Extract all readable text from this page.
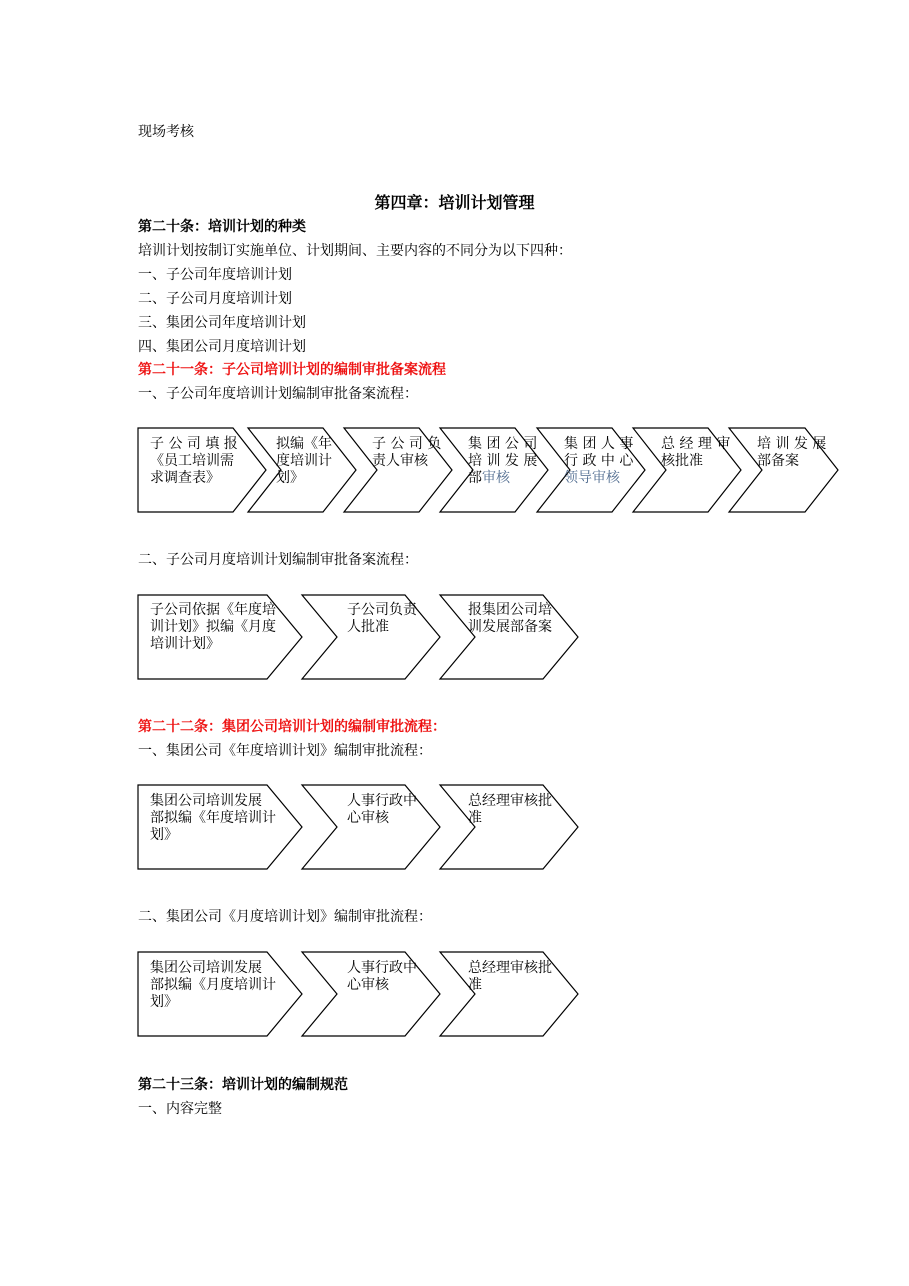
现场考核
第四章：培训计划管理
第二十条：培训计划的种类
培训计划按制订实施单位、计划期间、主要内容的不同分为以下四种：
一、子公司年度培训计划
二、子公司月度培训计划
三、集团公司年度培训计划
四、集团公司月度培训计划
第二十一条：子公司培训计划的编制审批备案流程
一、子公司年度培训计划编制审批备案流程：
子 公 司 填 报
《员工培训需
求调查表》
拟编《年
度培训计
划》
子 公 司 负
责人审核
集 团 公 司
培 训 发 展
部审核
集 团 人 事
行 政 中 心
领导审核
总 经 理 审
核批准
培 训 发 展
部备案
二、子公司月度培训计划编制审批备案流程：
子公司依据《年度培
训计划》拟编《月度
培训计划》
子公司负责
人批准
报集团公司培
训发展部备案
第二十二条：集团公司培训计划的编制审批流程：
一、集团公司《年度培训计划》编制审批流程：
集团公司培训发展
部拟编《年度培训计
划》
人事行政中
心审核
总经理审核批
准
二、集团公司《月度培训计划》编制审批流程：
集团公司培训发展
部拟编《月度培训计
划》
人事行政中
心审核
总经理审核批
准
第二十三条：培训计划的编制规范
一、内容完整
